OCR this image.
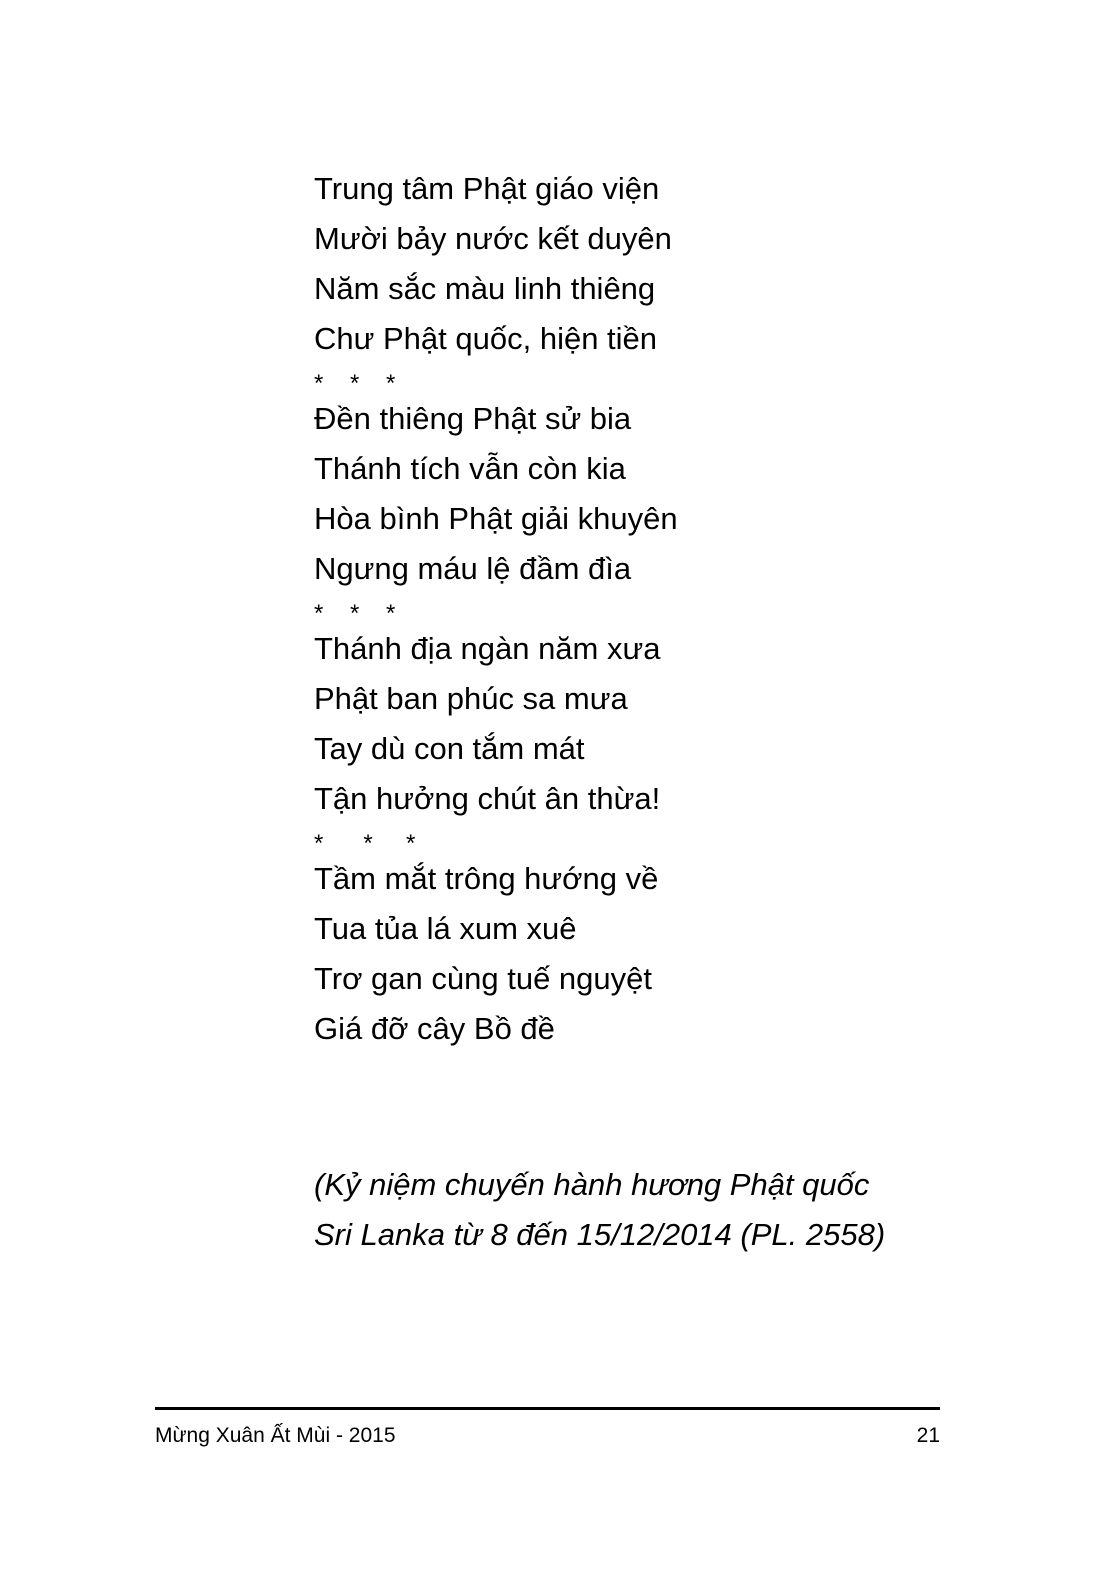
Trung tâm Phật giáo viện
Mười bảy nước kết duyên
Năm sắc màu linh thiêng
Chư Phật quốc, hiện tiền
*    *    *
Đền thiêng Phật sử bia
Thánh tích vẫn còn kia
Hòa bình Phật giải khuyên
Ngưng máu lệ đầm đìa
*    *    *
Thánh địa ngàn năm xưa
Phật ban phúc sa mưa
Tay dù con tắm mát
Tận hưởng chút ân thừa!
*      *     *
Tầm mắt trông hướng về
Tua tủa lá xum xuê
Trơ gan cùng tuế nguyệt
Giá đỡ cây Bồ đề
(Kỷ niệm chuyến hành hương Phật quốc
Sri Lanka từ 8 đến 15/12/2014 (PL. 2558)
Mừng Xuân Ất Mùi - 2015	21
